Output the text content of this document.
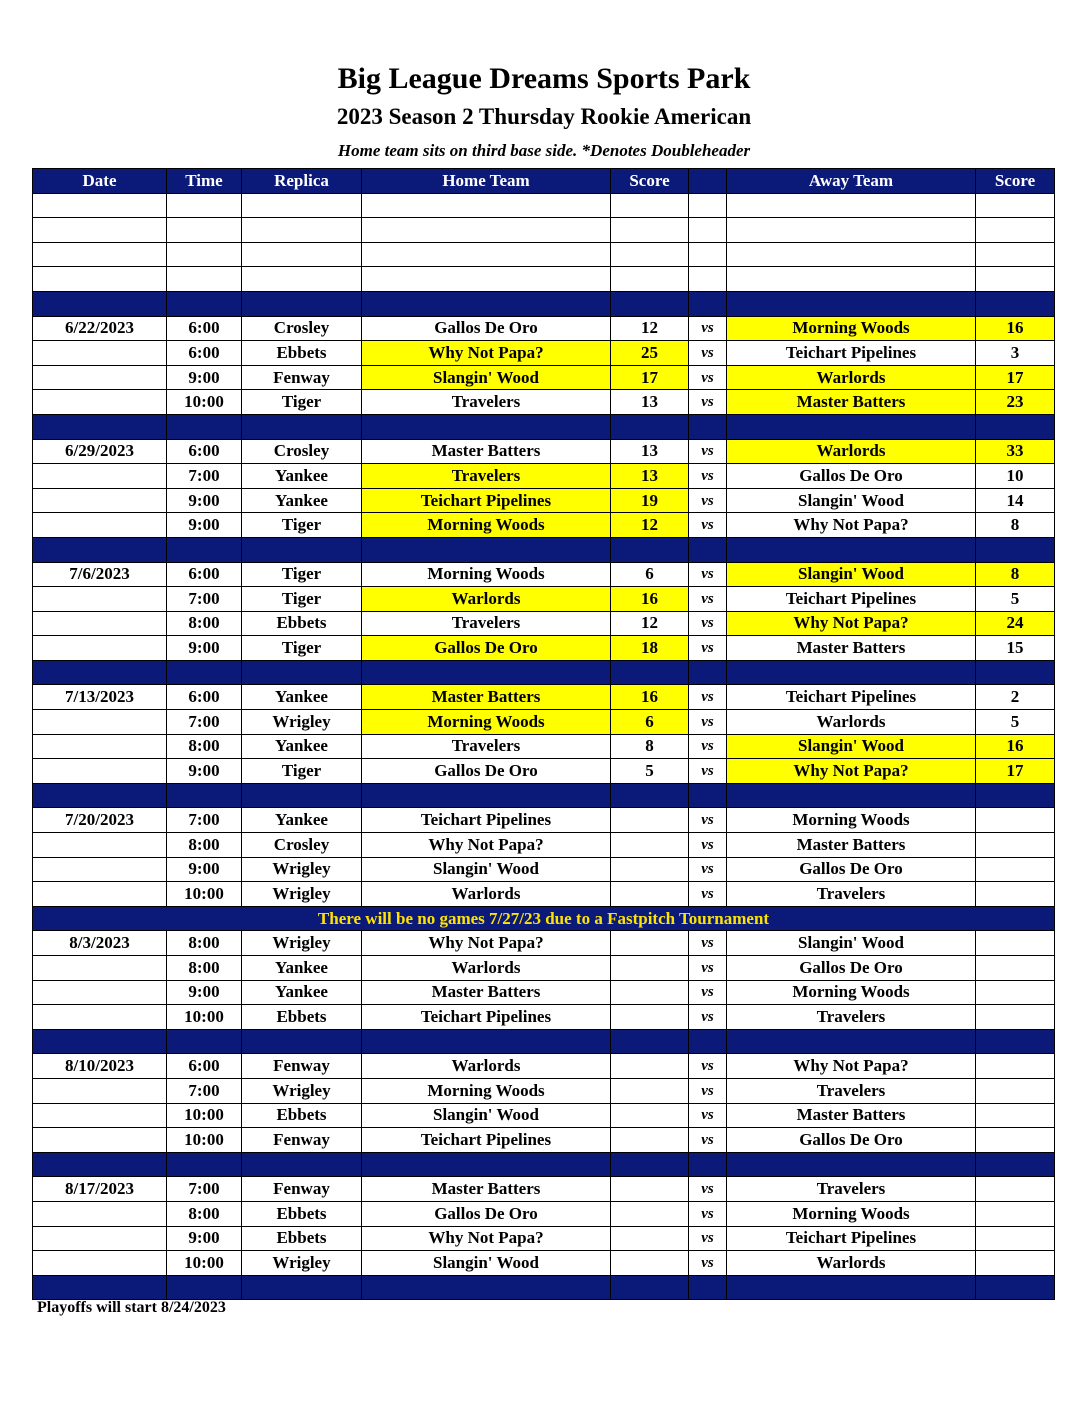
Big League Dreams Sports Park
2023 Season 2 Thursday Rookie American
Home team sits on third base side. *Denotes Doubleheader
Date	Time	Replica	Home Team	Score		Away Team	Score

6/22/2023	6:00	Crosley	Gallos De Oro	12	vs	Morning Woods	16
	6:00	Ebbets	Why Not Papa?	25	vs	Teichart Pipelines	3
	9:00	Fenway	Slangin' Wood	17	vs	Warlords	17
	10:00	Tiger	Travelers	13	vs	Master Batters	23

6/29/2023	6:00	Crosley	Master Batters	13	vs	Warlords	33
	7:00	Yankee	Travelers	13	vs	Gallos De Oro	10
	9:00	Yankee	Teichart Pipelines	19	vs	Slangin' Wood	14
	9:00	Tiger	Morning Woods	12	vs	Why Not Papa?	8

7/6/2023	6:00	Tiger	Morning Woods	6	vs	Slangin' Wood	8
	7:00	Tiger	Warlords	16	vs	Teichart Pipelines	5
	8:00	Ebbets	Travelers	12	vs	Why Not Papa?	24
	9:00	Tiger	Gallos De Oro	18	vs	Master Batters	15

7/13/2023	6:00	Yankee	Master Batters	16	vs	Teichart Pipelines	2
	7:00	Wrigley	Morning Woods	6	vs	Warlords	5
	8:00	Yankee	Travelers	8	vs	Slangin' Wood	16
	9:00	Tiger	Gallos De Oro	5	vs	Why Not Papa?	17

7/20/2023	7:00	Yankee	Teichart Pipelines		vs	Morning Woods	
	8:00	Crosley	Why Not Papa?		vs	Master Batters	
	9:00	Wrigley	Slangin' Wood		vs	Gallos De Oro	
	10:00	Wrigley	Warlords		vs	Travelers	
There will be no games 7/27/23 due to a Fastpitch Tournament							
8/3/2023	8:00	Wrigley	Why Not Papa?		vs	Slangin' Wood	
	8:00	Yankee	Warlords		vs	Gallos De Oro	
	9:00	Yankee	Master Batters		vs	Morning Woods	
	10:00	Ebbets	Teichart Pipelines		vs	Travelers	

8/10/2023	6:00	Fenway	Warlords		vs	Why Not Papa?	
	7:00	Wrigley	Morning Woods		vs	Travelers	
	10:00	Ebbets	Slangin' Wood		vs	Master Batters	
	10:00	Fenway	Teichart Pipelines		vs	Gallos De Oro	

8/17/2023	7:00	Fenway	Master Batters		vs	Travelers	
	8:00	Ebbets	Gallos De Oro		vs	Morning Woods	
	9:00	Ebbets	Why Not Papa?		vs	Teichart Pipelines	
	10:00	Wrigley	Slangin' Wood		vs	Warlords	

Playoffs will start 8/24/2023
